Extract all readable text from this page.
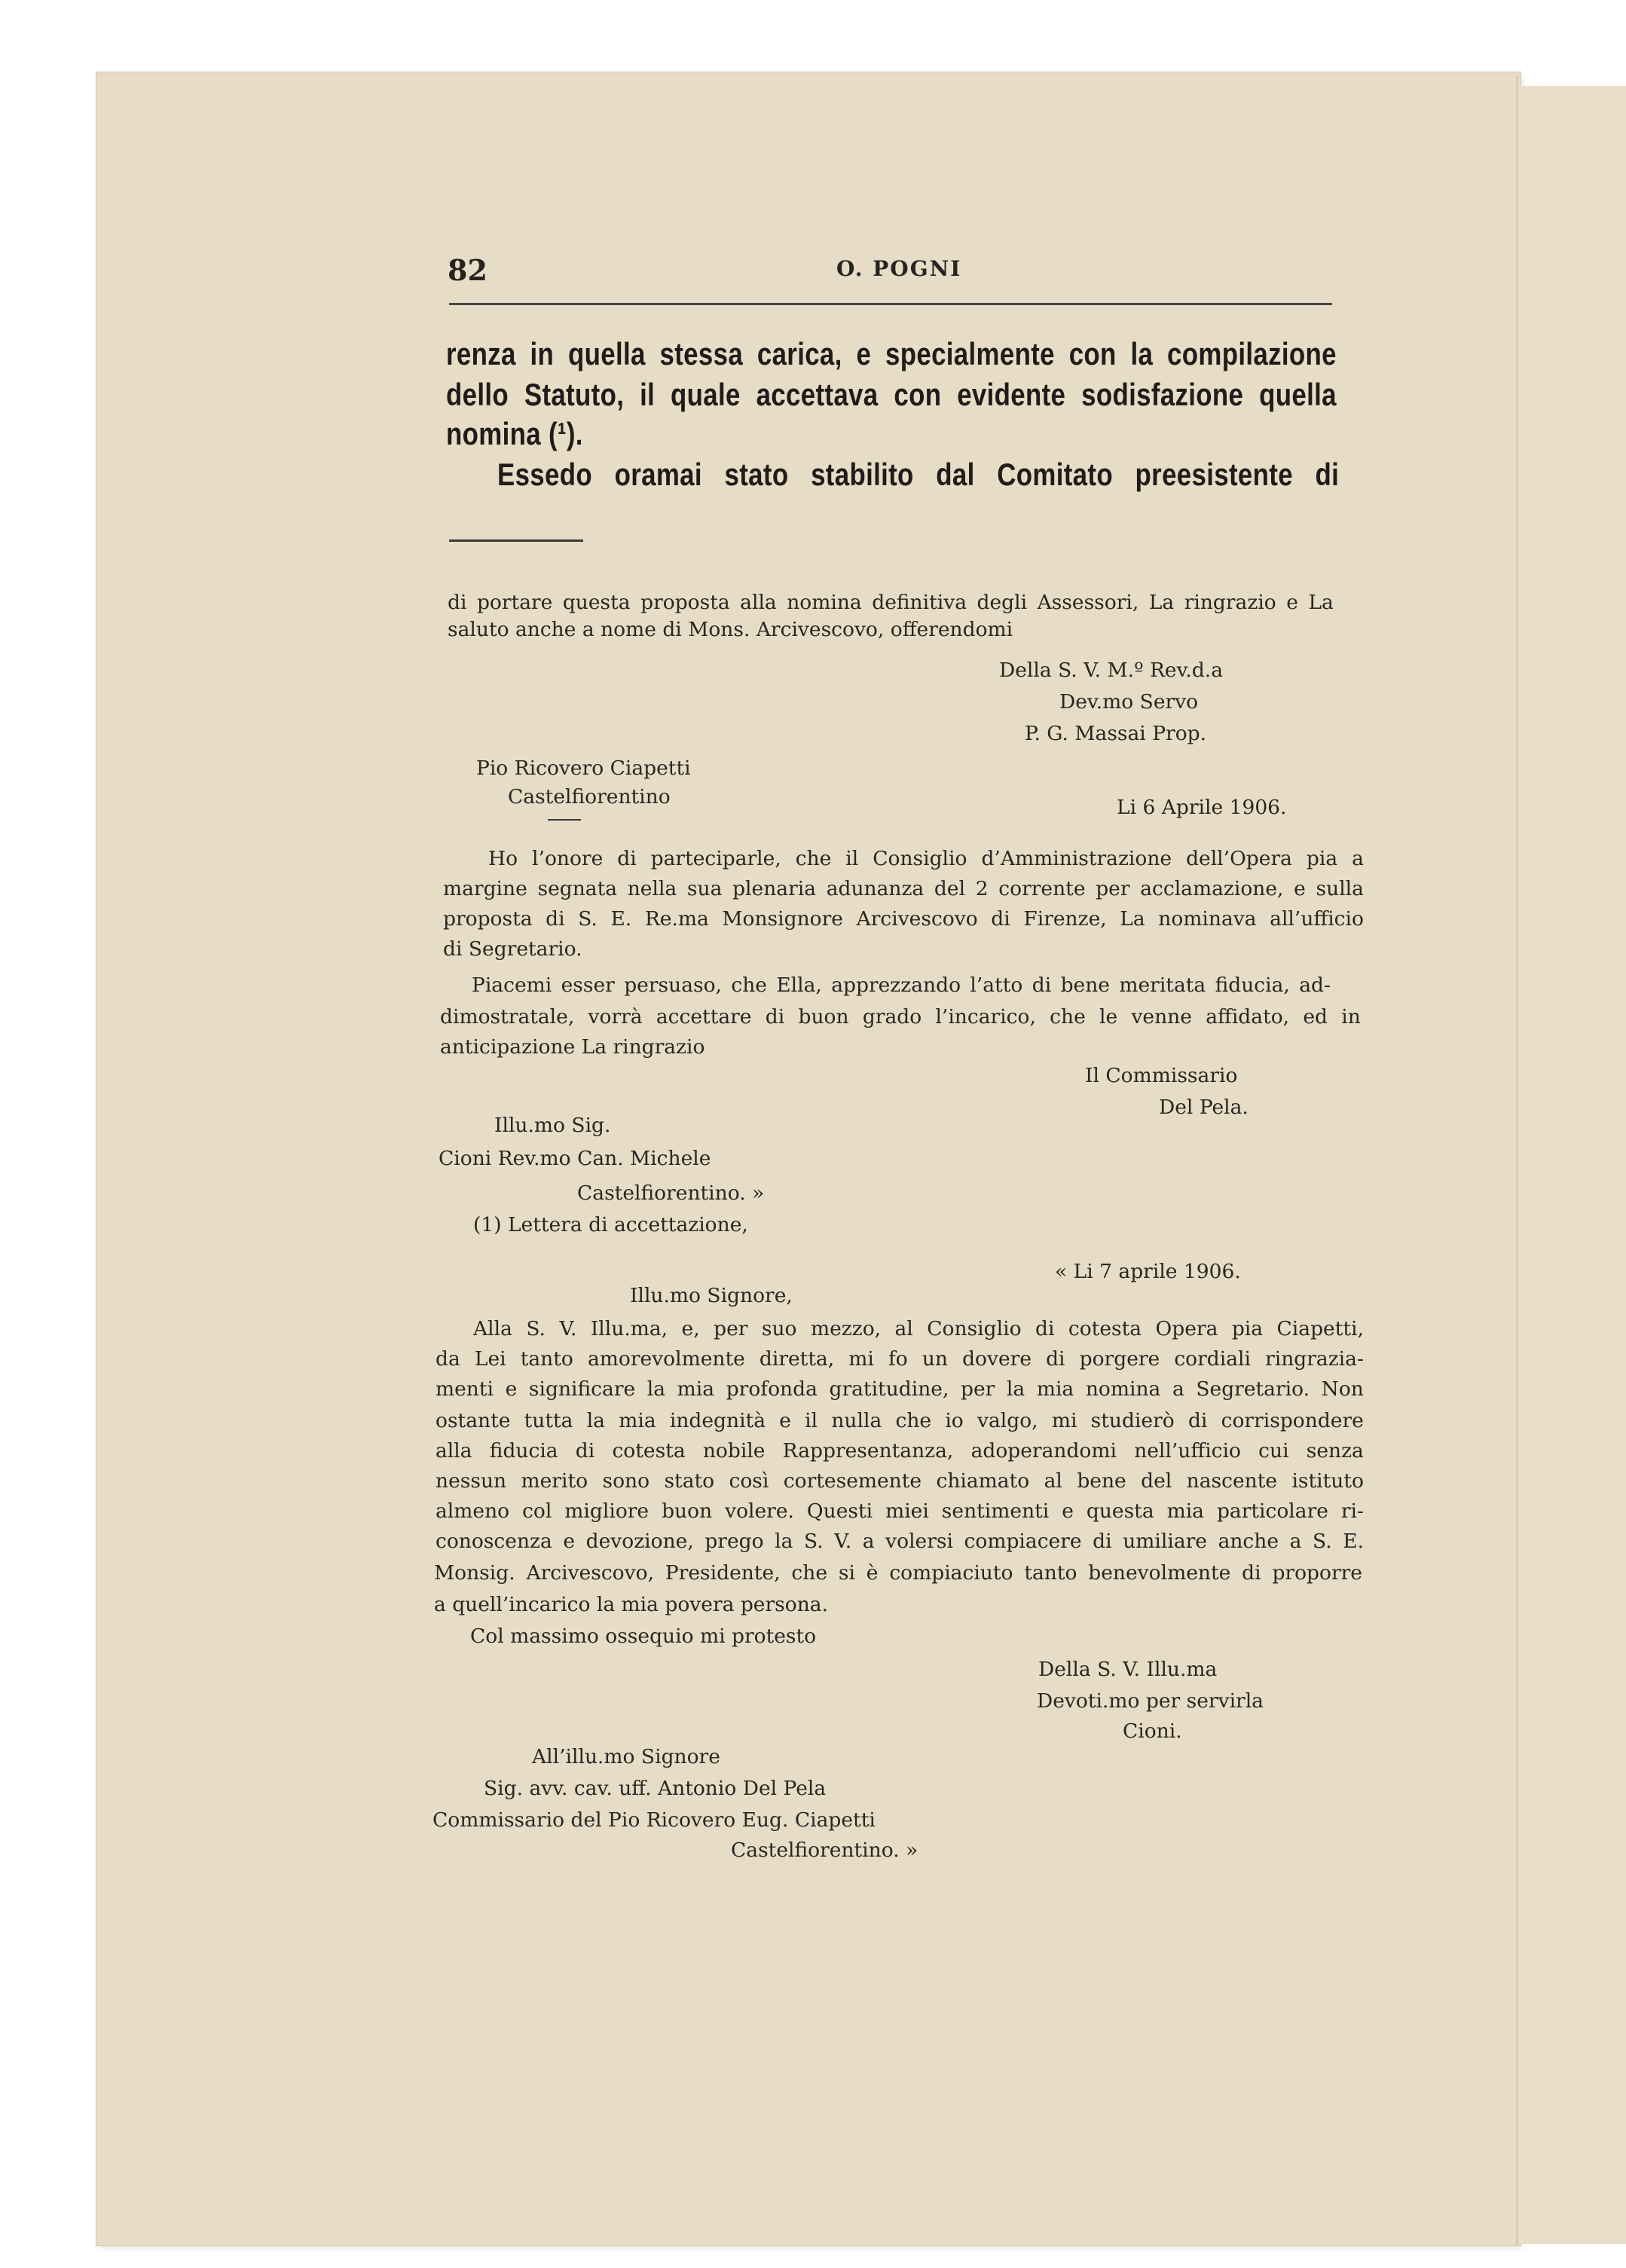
82	O. POGNI
renza in quella stessa carica, e specialmente con la compilazione
dello Statuto, il quale accettava con evidente sodisfazione quella
nomina (¹).
Essedo oramai stato stabilito dal Comitato preesistente di
di portare questa proposta alla nomina definitiva degli Assessori, La ringrazio e La
saluto anche a nome di Mons. Arcivescovo, offerendomi
Della S. V. M.º Rev.d.a
Dev.mo Servo
P. G. Massai Prop.
Pio Ricovero Ciapetti
Castelfiorentino	Li 6 Aprile 1906.
Ho l’onore di parteciparle, che il Consiglio d’Amministrazione dell’Opera pia a
margine segnata nella sua plenaria adunanza del 2 corrente per acclamazione, e sulla
proposta di S. E. Re.ma Monsignore Arcivescovo di Firenze, La nominava all’ufficio
di Segretario.
Piacemi esser persuaso, che Ella, apprezzando l’atto di bene meritata fiducia, ad-
dimostratale, vorrà accettare di buon grado l’incarico, che le venne affidato, ed in
anticipazione La ringrazio
Il Commissario
Del Pela.
Illu.mo Sig.
Cioni Rev.mo Can. Michele
Castelfiorentino. »
(1) Lettera di accettazione,
« Li 7 aprile 1906.
Illu.mo Signore,
Alla S. V. Illu.ma, e, per suo mezzo, al Consiglio di cotesta Opera pia Ciapetti,
da Lei tanto amorevolmente diretta, mi fo un dovere di porgere cordiali ringrazia-
menti e significare la mia profonda gratitudine, per la mia nomina a Segretario. Non
ostante tutta la mia indegnità e il nulla che io valgo, mi studierò di corrispondere
alla fiducia di cotesta nobile Rappresentanza, adoperandomi nell’ufficio cui senza
nessun merito sono stato così cortesemente chiamato al bene del nascente istituto
almeno col migliore buon volere. Questi miei sentimenti e questa mia particolare ri-
conoscenza e devozione, prego la S. V. a volersi compiacere di umiliare anche a S. E.
Monsig. Arcivescovo, Presidente, che si è compiaciuto tanto benevolmente di proporre
a quell’incarico la mia povera persona.
Col massimo ossequio mi protesto
Della S. V. Illu.ma
Devoti.mo per servirla
Cioni.
All’illu.mo Signore
Sig. avv. cav. uff. Antonio Del Pela
Commissario del Pio Ricovero Eug. Ciapetti
Castelfiorentino. »
